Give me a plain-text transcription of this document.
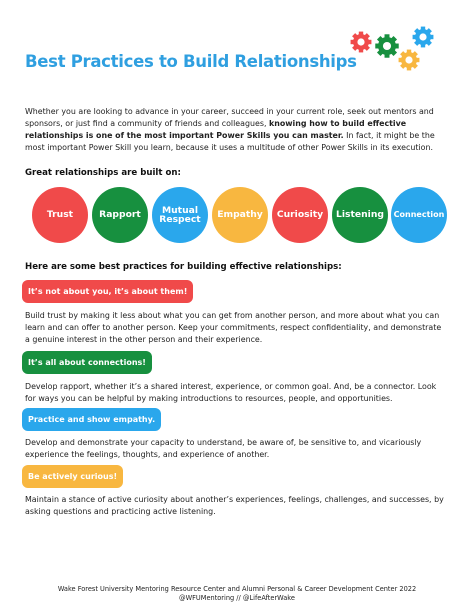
Best Practices to Build Relationships

Whether you are looking to advance in your career, succeed in your current role, seek out mentors and sponsors, or just find a community of friends and colleagues, knowing how to build effective relationships is one of the most important Power Skills you can master. In fact, it might be the most important Power Skill you learn, because it uses a multitude of other Power Skills in its execution.

Great relationships are built on:

Trust	Rapport	Mutual
Respect Empathy Curiosity Listening Connection

Here are some best practices for building effective relationships:

It’s not about you, it’s about them!

Build trust by making it less about what you can get from another person, and more about what you can learn and can offer to another person. Keep your commitments, respect confidentiality, and demonstrate a genuine interest in the other person and their experience.

It’s all about connections!

Develop rapport, whether it’s a shared interest, experience, or common goal. And, be a connector. Look for ways you can be helpful by making introductions to resources, people, and opportunities.

Practice and show empathy.

Develop and demonstrate your capacity to understand, be aware of, be sensitive to, and vicariously experience the feelings, thoughts, and experience of another.

Be actively curious!

Maintain a stance of active curiosity about another’s experiences, feelings, challenges, and successes, by asking questions and practicing active listening.

Wake Forest University Mentoring Resource Center and Alumni Personal & Career Development Center 2022
@WFUMentoring // @LifeAfterWake
